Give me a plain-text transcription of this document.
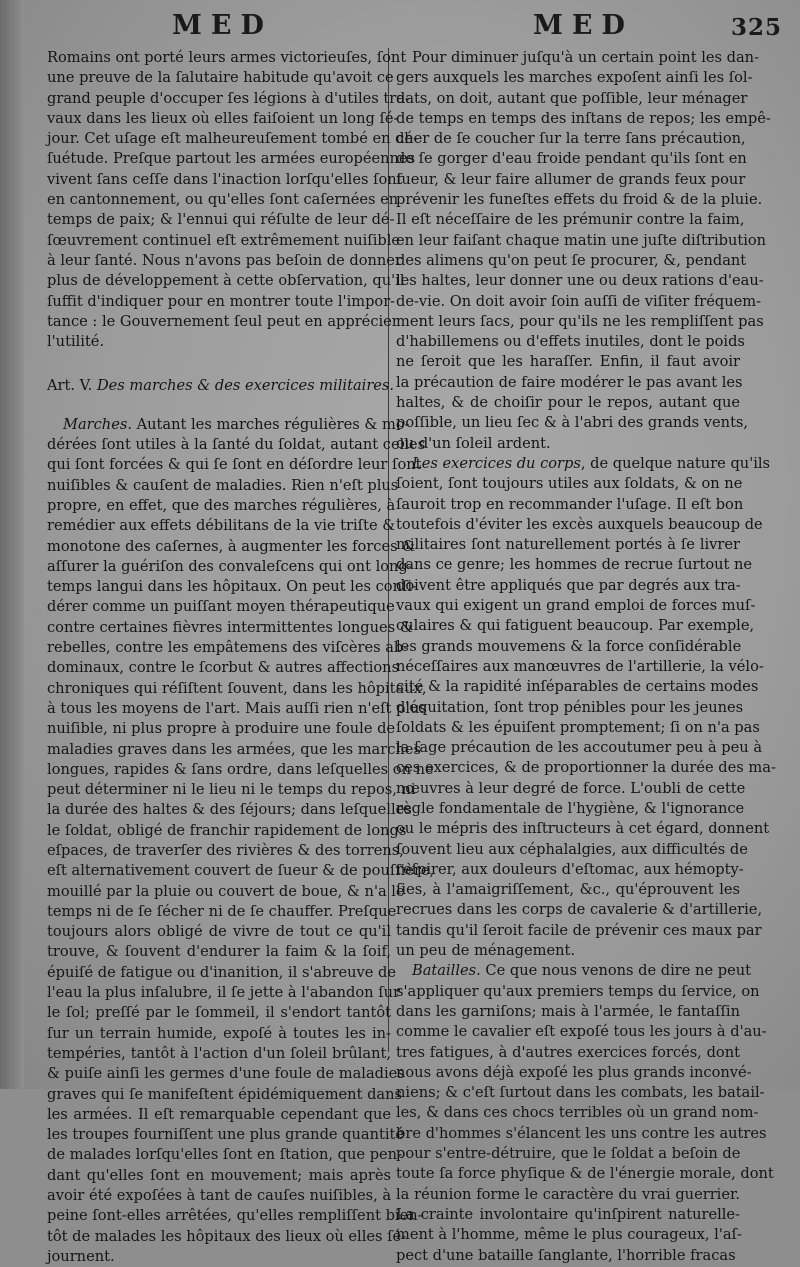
MED	MED	325
Romains ont porté leurs armes victorieuſes, ſont
une preuve de la ſalutaire habitude qu'avoit ce
grand peuple d'occuper ſes légions à d'utiles tra-
vaux dans les lieux où elles faiſoient un long ſé-
jour. Cet uſage eſt malheureuſement tombé en dé-
ſuétude. Preſque partout les armées européennes
vivent ſans ceſſe dans l'inaction lorſqu'elles ſont
en cantonnement, ou qu'elles ſont caſernées en
temps de paix; & l'ennui qui réſulte de leur dé-
ſœuvrement continuel eſt extrêmement nuiſible
à leur ſanté. Nous n'avons pas beſoin de donner
plus de développement à cette obſervation, qu'il
ſuffit d'indiquer pour en montrer toute l'impor-
tance : le Gouvernement ſeul peut en apprécier
l'utilité.
Art. V. Des marches & des exercices militaires.
Marches. Autant les marches régulières & mo-
dérées ſont utiles à la ſanté du ſoldat, autant celles
qui ſont forcées & qui ſe ſont en déſordre leur ſont
nuiſibles & cauſent de maladies. Rien n'eſt plus
propre, en effet, que des marches régulières, à
remédier aux effets débilitans de la vie triſte &
monotone des caſernes, à augmenter les forces &
aſſurer la guériſon des convaleſcens qui ont long-
temps langui dans les hôpitaux. On peut les conſi-
dérer comme un puiſſant moyen thérapeutique
contre certaines fièvres intermittentes longues &
rebelles, contre les empâtemens des viſcères ab-
dominaux, contre le ſcorbut & autres affections
chroniques qui réſiſtent ſouvent, dans les hôpitaux,
à tous les moyens de l'art. Mais auſſi rien n'eſt plus
nuiſible, ni plus propre à produire une foule de
maladies graves dans les armées, que les marches
longues, rapides & ſans ordre, dans leſquelles on ne
peut déterminer ni le lieu ni le temps du repos, ni
la durée des haltes & des ſéjours; dans leſquelles
le ſoldat, obligé de franchir rapidement de longs
eſpaces, de traverſer des rivières & des torrens,
eſt alternativement couvert de ſueur & de pouſſière,
mouillé par la pluie ou couvert de boue, & n'a le
temps ni de ſe ſécher ni de ſe chauffer. Preſque
toujours alors obligé de vivre de tout ce qu'il
trouve, & ſouvent d'endurer la faim & la ſoif,
épuiſé de fatigue ou d'inanition, il s'abreuve de
l'eau la plus inſalubre, il ſe jette à l'abandon ſur
le ſol; preſſé par le ſommeil, il s'endort tantôt
ſur un terrain humide, expoſé à toutes les in-
tempéries, tantôt à l'action d'un ſoleil brûlant,
& puiſe ainſi les germes d'une foule de maladies
graves qui ſe manifeſtent épidémiquement dans
les armées. Il eſt remarquable cependant que
les troupes fourniſſent une plus grande quantité
de malades lorſqu'elles ſont en ſtation, que pen-
dant qu'elles ſont en mouvement; mais après
avoir été expoſées à tant de cauſes nuiſibles, à
peine ſont-elles arrêtées, qu'elles rempliſſent bien-
tôt de malades les hôpitaux des lieux où elles ſé-
journent.
Pour diminuer juſqu'à un certain point les dan-
gers auxquels les marches expoſent ainſi les ſol-
dats, on doit, autant que poſſible, leur ménager
de temps en temps des inſtans de repos; les empê-
cher de ſe coucher ſur la terre ſans précaution,
de ſe gorger d'eau froide pendant qu'ils ſont en
ſueur, & leur faire allumer de grands feux pour
prévenir les funeſtes effets du froid & de la pluie.
Il eſt néceſſaire de les prémunir contre la faim,
en leur faiſant chaque matin une juſte diſtribution
des alimens qu'on peut ſe procurer, &, pendant
les haltes, leur donner une ou deux rations d'eau-
de-vie. On doit avoir ſoin auſſi de viſiter fréquem-
ment leurs ſacs, pour qu'ils ne les rempliſſent pas
d'habillemens ou d'effets inutiles, dont le poids
ne ſeroit que les haraſſer. Enfin, il faut avoir
la précaution de faire modérer le pas avant les
haltes, & de choiſir pour le repos, autant que
poſſible, un lieu ſec & à l'abri des grands vents,
ou d'un ſoleil ardent.
Les exercices du corps, de quelque nature qu'ils
ſoient, ſont toujours utiles aux ſoldats, & on ne
ſauroit trop en recommander l'uſage. Il eſt bon
toutefois d'éviter les excès auxquels beaucoup de
militaires ſont naturellement portés à ſe livrer
dans ce genre; les hommes de recrue ſurtout ne
doivent être appliqués que par degrés aux tra-
vaux qui exigent un grand emploi de forces muſ-
culaires & qui fatiguent beaucoup. Par exemple,
les grands mouvemens & la force conſidérable
néceſſaires aux manœuvres de l'artillerie, la vélo-
cité & la rapidité inſéparables de certains modes
d'équitation, ſont trop pénibles pour les jeunes
ſoldats & les épuiſent promptement; ſi on n'a pas
la ſage précaution de les accoutumer peu à peu à
ces exercices, & de proportionner la durée des ma-
nœuvres à leur degré de force. L'oubli de cette
règle fondamentale de l'hygiène, & l'ignorance
ou le mépris des inſtructeurs à cet égard, donnent
ſouvent lieu aux céphalalgies, aux difficultés de
reſpirer, aux douleurs d'eſtomac, aux hémopty-
ſies, à l'amaigriſſement, &c., qu'éprouvent les
recrues dans les corps de cavalerie & d'artillerie,
tandis qu'il ſeroit facile de prévenir ces maux par
un peu de ménagement.
Batailles. Ce que nous venons de dire ne peut
s'appliquer qu'aux premiers temps du ſervice, on
dans les garniſons; mais à l'armée, le fantaſſin
comme le cavalier eſt expoſé tous les jours à d'au-
tres fatigues, à d'autres exercices forcés, dont
nous avons déjà expoſé les plus grands inconvé-
niens; & c'eſt ſurtout dans les combats, les batail-
les, & dans ces chocs terribles où un grand nom-
bre d'hommes s'élancent les uns contre les autres
pour s'entre-détruire, que le ſoldat a beſoin de
toute ſa force phyſique & de l'énergie morale, dont
la réunion forme le caractère du vrai guerrier.
La crainte involontaire qu'inſpirent naturelle-
ment à l'homme, même le plus courageux, l'aſ-
pect d'une bataille ſanglante, l'horrible fracas
